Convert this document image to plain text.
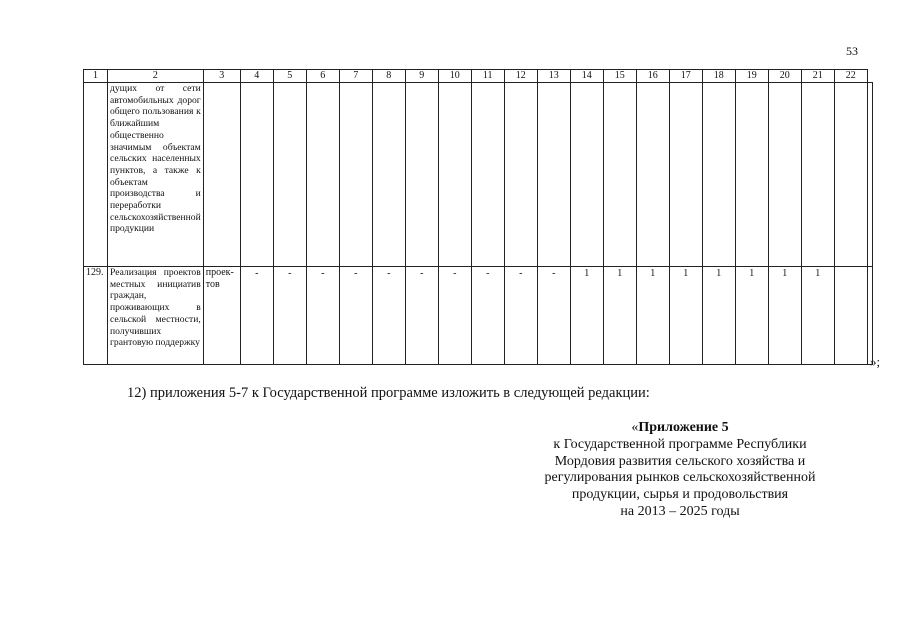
53
1	2	3	4	5	6	7	8	9	10	11	12	13	14	15	16	17	18	19	20	21	22	
	дущих от сети автомобильных дорог общего пользования к ближайшим общественно значимым объектам сельских населенных пунктов, а также к объектам производства и переработки сельскохозяйственной продукции																					
129.	Реализация проектов местных инициатив граждан, проживающих в сельской местности, получивших грантовую поддержку	проек-тов	-	-	-	-	-	-	-	-	-	-	1	1	1	1	1	1	1	1		
»;
12) приложения 5-7 к Государственной программе изложить в следующей редакции:
«Приложение 5
к Государственной программе Республики
Мордовия развития сельского хозяйства и
регулирования рынков сельскохозяйственной
продукции, сырья и продовольствия
на 2013 – 2025 годы
